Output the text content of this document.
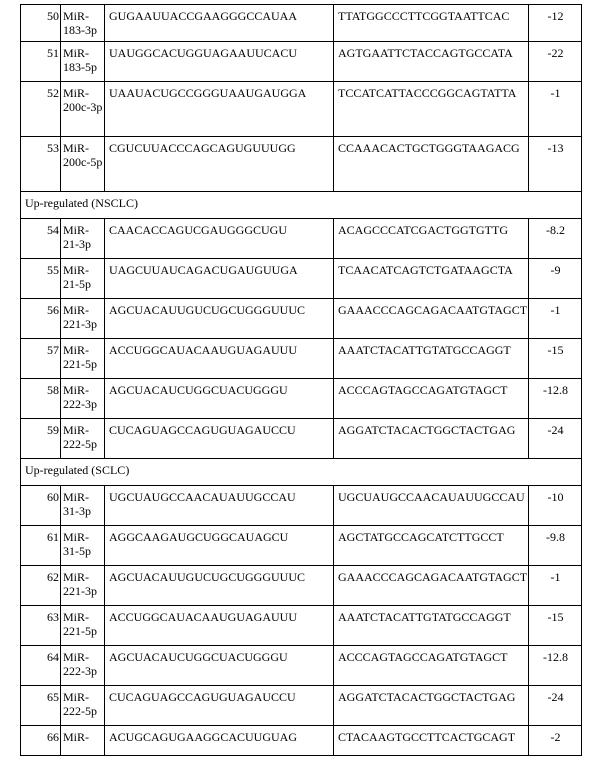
50	MiR-183-3p	GUGAAUUACCGAAGGGCCAUAA	TTATGGCCCTTCGGTAATTCAC	-12
51	MiR-183-5p	UAUGGCACUGGUAGAAUUCACU	AGTGAATTCTACCAGTGCCATA	-22
52	MiR-200c-3p	UAAUACUGCCGGGUAAUGAUGGA	TCCATCATTACCCGGCAGTATTA	-1
53	MiR-200c-5p	CGUCUUACCCAGCAGUGUUUGG	CCAAACACTGCTGGGTAAGACG	-13
Up-regulated (NSCLC)				
54	MiR-21-3p	CAACACCAGUCGAUGGGCUGU	ACAGCCCATCGACTGGTGTTG	-8.2
55	MiR-21-5p	UAGCUUAUCAGACUGAUGUUGA	TCAACATCAGTCTGATAAGCTA	-9
56	MiR-221-3p	AGCUACAUUGUCUGCUGGGUUUC	GAAACCCAGCAGACAATGTAGCT	-1
57	MiR-221-5p	ACCUGGCAUACAAUGUAGAUUU	AAATCTACATTGTATGCCAGGT	-15
58	MiR-222-3p	AGCUACAUCUGGCUACUGGGU	ACCCAGTAGCCAGATGTAGCT	-12.8
59	MiR-222-5p	CUCAGUAGCCAGUGUAGAUCCU	AGGATCTACACTGGCTACTGAG	-24
Up-regulated (SCLC)				
60	MiR-31-3p	UGCUAUGCCAACAUAUUGCCAU	UGCUAUGCCAACAUAUUGCCAU	-10
61	MiR-31-5p	AGGCAAGAUGCUGGCAUAGCU	AGCTATGCCAGCATCTTGCCT	-9.8
62	MiR-221-3p	AGCUACAUUGUCUGCUGGGUUUC	GAAACCCAGCAGACAATGTAGCT	-1
63	MiR-221-5p	ACCUGGCAUACAAUGUAGAUUU	AAATCTACATTGTATGCCAGGT	-15
64	MiR-222-3p	AGCUACAUCUGGCUACUGGGU	ACCCAGTAGCCAGATGTAGCT	-12.8
65	MiR-222-5p	CUCAGUAGCCAGUGUAGAUCCU	AGGATCTACACTGGCTACTGAG	-24
66	MiR-	ACUGCAGUGAAGGCACUUGUAG	CTACAAGTGCCTTCACTGCAGT	-2
